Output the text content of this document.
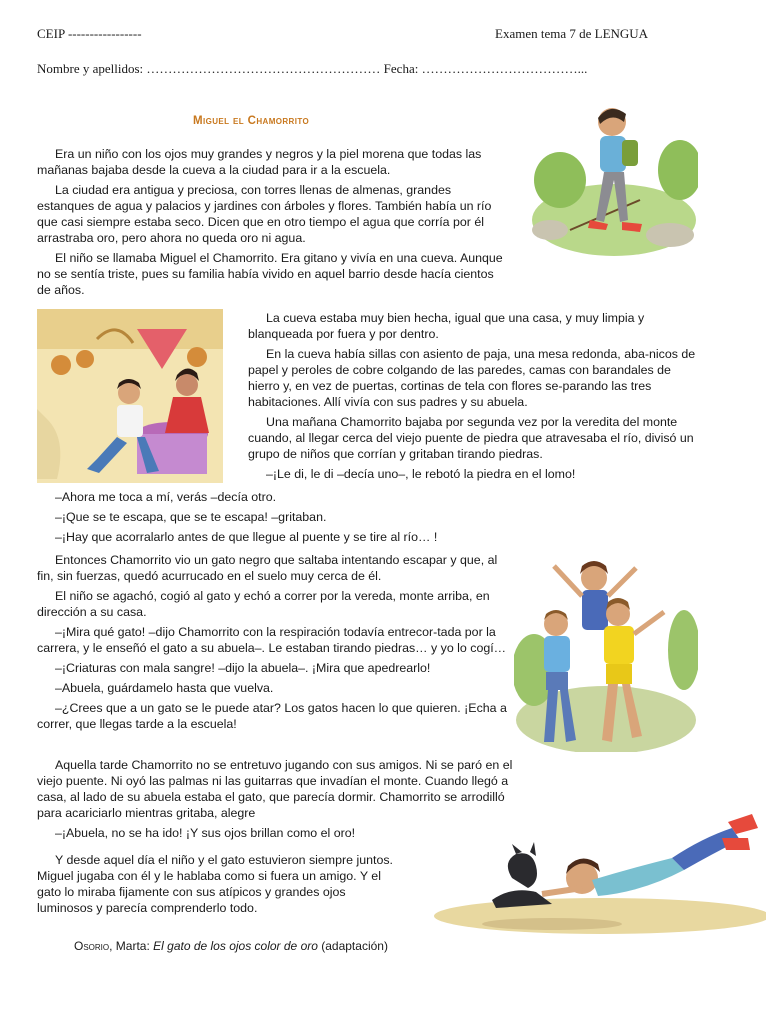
CEIP -----------------	Examen tema 7 de LENGUA
Nombre y apellidos: ……………………………………………… Fecha: ………………………………...
Miguel el Chamorrito

Era un niño con los ojos muy grandes y negros y la piel morena que todas las mañanas bajaba desde la cueva a la ciudad para ir a la escuela.

La ciudad era antigua y preciosa, con torres llenas de almenas, grandes estanques de agua y palacios y jardines con árboles y flores. También había un río que casi siempre estaba seco. Dicen que en otro tiempo el agua que corría por él arrastraba oro, pero ahora no queda oro ni agua.

El niño se llamaba Miguel el Chamorrito. Era gitano y vivía en una cueva. Aunque no se sentía triste, pues su familia había vivido en aquel barrio desde hacía cientos de años.

La cueva estaba muy bien hecha, igual que una casa, y muy limpia y blanqueada por fuera y por dentro.

En la cueva había sillas con asiento de paja, una mesa redonda, aba-nicos de papel y peroles de cobre colgando de las paredes, camas con barandales de hierro y, en vez de puertas, cortinas de tela con flores se-parando las tres habitaciones. Allí vivía con sus padres y su abuela.

Una mañana Chamorrito bajaba por segunda vez por la veredita del monte cuando, al llegar cerca del viejo puente de piedra que atravesaba el río, divisó un grupo de niños que corrían y gritaban tirando piedras.

–¡Le di, le di –decía uno–, le rebotó la piedra en el lomo!

–Ahora me toca a mí, verás –decía otro.

–¡Que se te escapa, que se te escapa! –gritaban.

–¡Hay que acorralarlo antes de que llegue al puente y se tire al río… !

Entonces Chamorrito vio un gato negro que saltaba intentando escapar y que, al fin, sin fuerzas, quedó acurrucado en el suelo muy cerca de él.

El niño se agachó, cogió al gato y echó a correr por la vereda, monte arriba, en dirección a su casa.

–¡Mira qué gato! –dijo Chamorrito con la respiración todavía entrecor-tada por la carrera, y le enseñó el gato a su abuela–. Le estaban tirando piedras… y yo lo cogí…

–¡Criaturas con mala sangre! –dijo la abuela–. ¡Mira que apedrearlo!

–Abuela, guárdamelo hasta que vuelva.

–¿Crees que a un gato se le puede atar? Los gatos hacen lo que quieren. ¡Echa a correr, que llegas tarde a la escuela!

Aquella tarde Chamorrito no se entretuvo jugando con sus amigos. Ni se paró en el viejo puente. Ni oyó las palmas ni las guitarras que invadían el monte. Cuando llegó a casa, al lado de su abuela estaba el gato, que parecía dormir. Chamorrito se arrodilló para acariciarlo mientras gritaba, alegre

–¡Abuela, no se ha ido! ¡Y sus ojos brillan como el oro!

Y desde aquel día el niño y el gato estuvieron siempre juntos. Miguel jugaba con él y le hablaba como si fuera un amigo. Y el gato lo miraba fijamente con sus atípicos y grandes ojos luminosos y parecía comprenderlo todo.

Osorio, Marta: El gato de los ojos color de oro (adaptación)
